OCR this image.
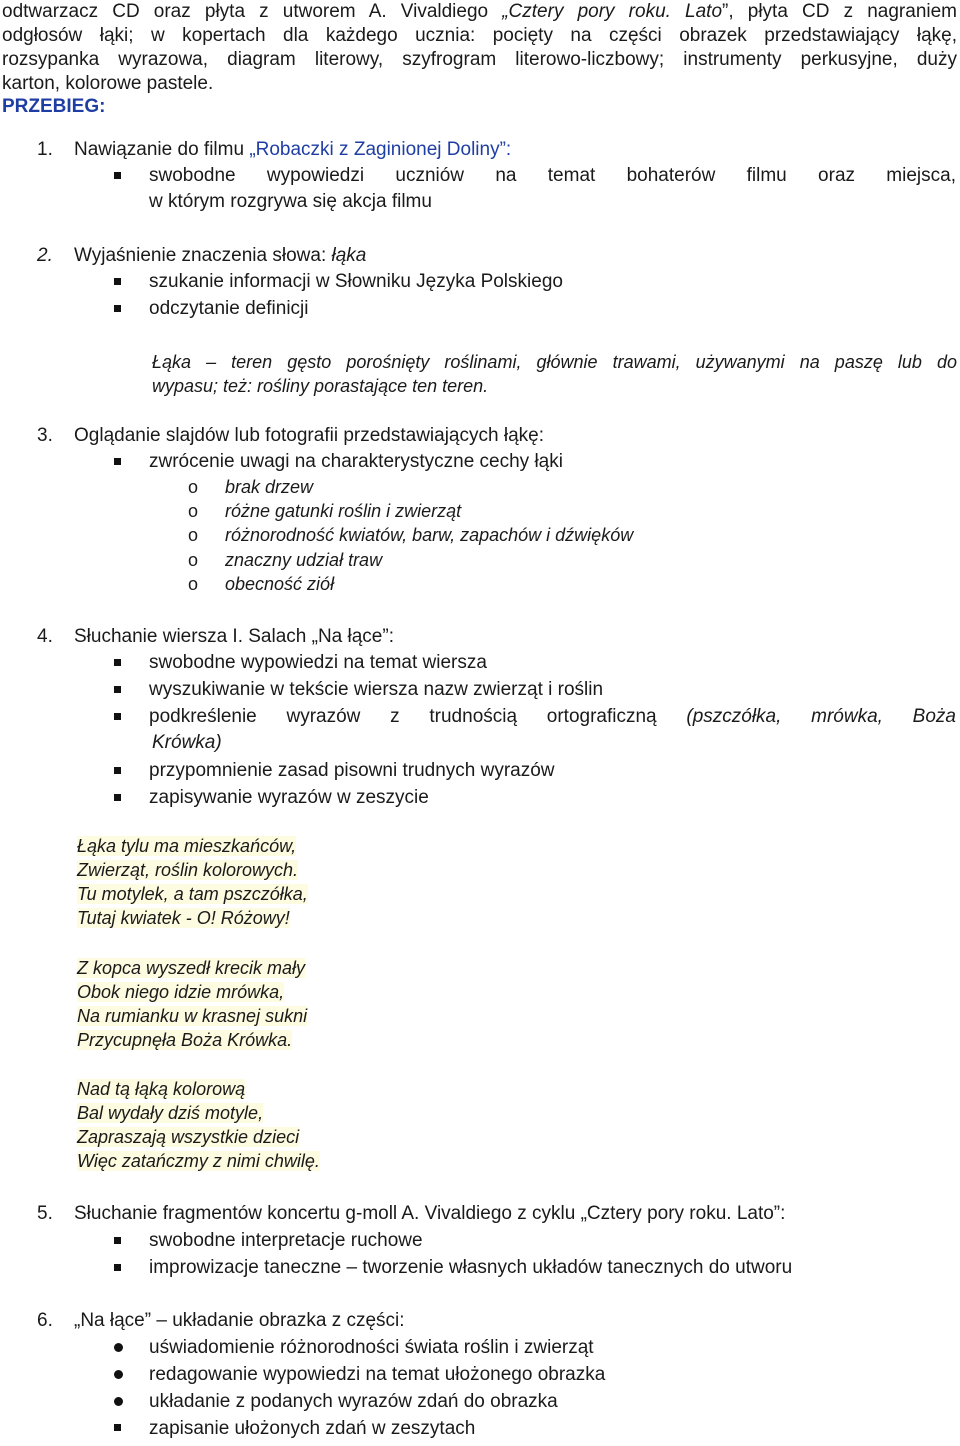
odtwarzacz CD oraz płyta z utworem A. Vivaldiego „Cztery pory roku. Lato”, płyta CD z nagraniem
odgłosów łąki; w kopertach dla każdego ucznia: pocięty na części obrazek przedstawiający łąkę,
rozsypanka wyrazowa, diagram literowy, szyfrogram literowo-liczbowy; instrumenty perkusyjne, duży
karton, kolorowe pastele.
PRZEBIEG:
1. Nawiązanie do filmu „Robaczki z Zaginionej Doliny”:
swobodne wypowiedzi uczniów na temat bohaterów filmu oraz miejsca,
w którym rozgrywa się akcja filmu
2. Wyjaśnienie znaczenia słowa: łąka
szukanie informacji w Słowniku Języka Polskiego
odczytanie definicji
Łąka – teren gęsto porośnięty roślinami, głównie trawami, używanymi na paszę lub do
wypasu; też: rośliny porastające ten teren.
3. Oglądanie slajdów lub fotografii przedstawiających łąkę:
zwrócenie uwagi na charakterystyczne cechy łąki
o brak drzew
o różne gatunki roślin i zwierząt
o różnorodność kwiatów, barw, zapachów i dźwięków
o znaczny udział traw
o obecność ziół
4. Słuchanie wiersza I. Salach „Na łące”:
swobodne wypowiedzi na temat wiersza
wyszukiwanie w tekście wiersza nazw zwierząt i roślin
podkreślenie wyrazów z trudnością ortograficzną (pszczółka, mrówka, Boża
Krówka)
przypomnienie zasad pisowni trudnych wyrazów
zapisywanie wyrazów w zeszycie
Łąka tylu ma mieszkańców,
Zwierząt, roślin kolorowych.
Tu motylek, a tam pszczółka,
Tutaj kwiatek - O! Różowy!
Z kopca wyszedł krecik mały
Obok niego idzie mrówka,
Na rumianku w krasnej sukni
Przycupnęła Boża Krówka.
Nad tą łąką kolorową
Bal wydały dziś motyle,
Zapraszają wszystkie dzieci
Więc zatańczmy z nimi chwilę.
5. Słuchanie fragmentów koncertu g-moll A. Vivaldiego z cyklu „Cztery pory roku. Lato”:
swobodne interpretacje ruchowe
improwizacje taneczne – tworzenie własnych układów tanecznych do utworu
6. „Na łące” – układanie obrazka z części:
uświadomienie różnorodności świata roślin i zwierząt
redagowanie wypowiedzi na temat ułożonego obrazka
układanie z podanych wyrazów zdań do obrazka
zapisanie ułożonych zdań w zeszytach
